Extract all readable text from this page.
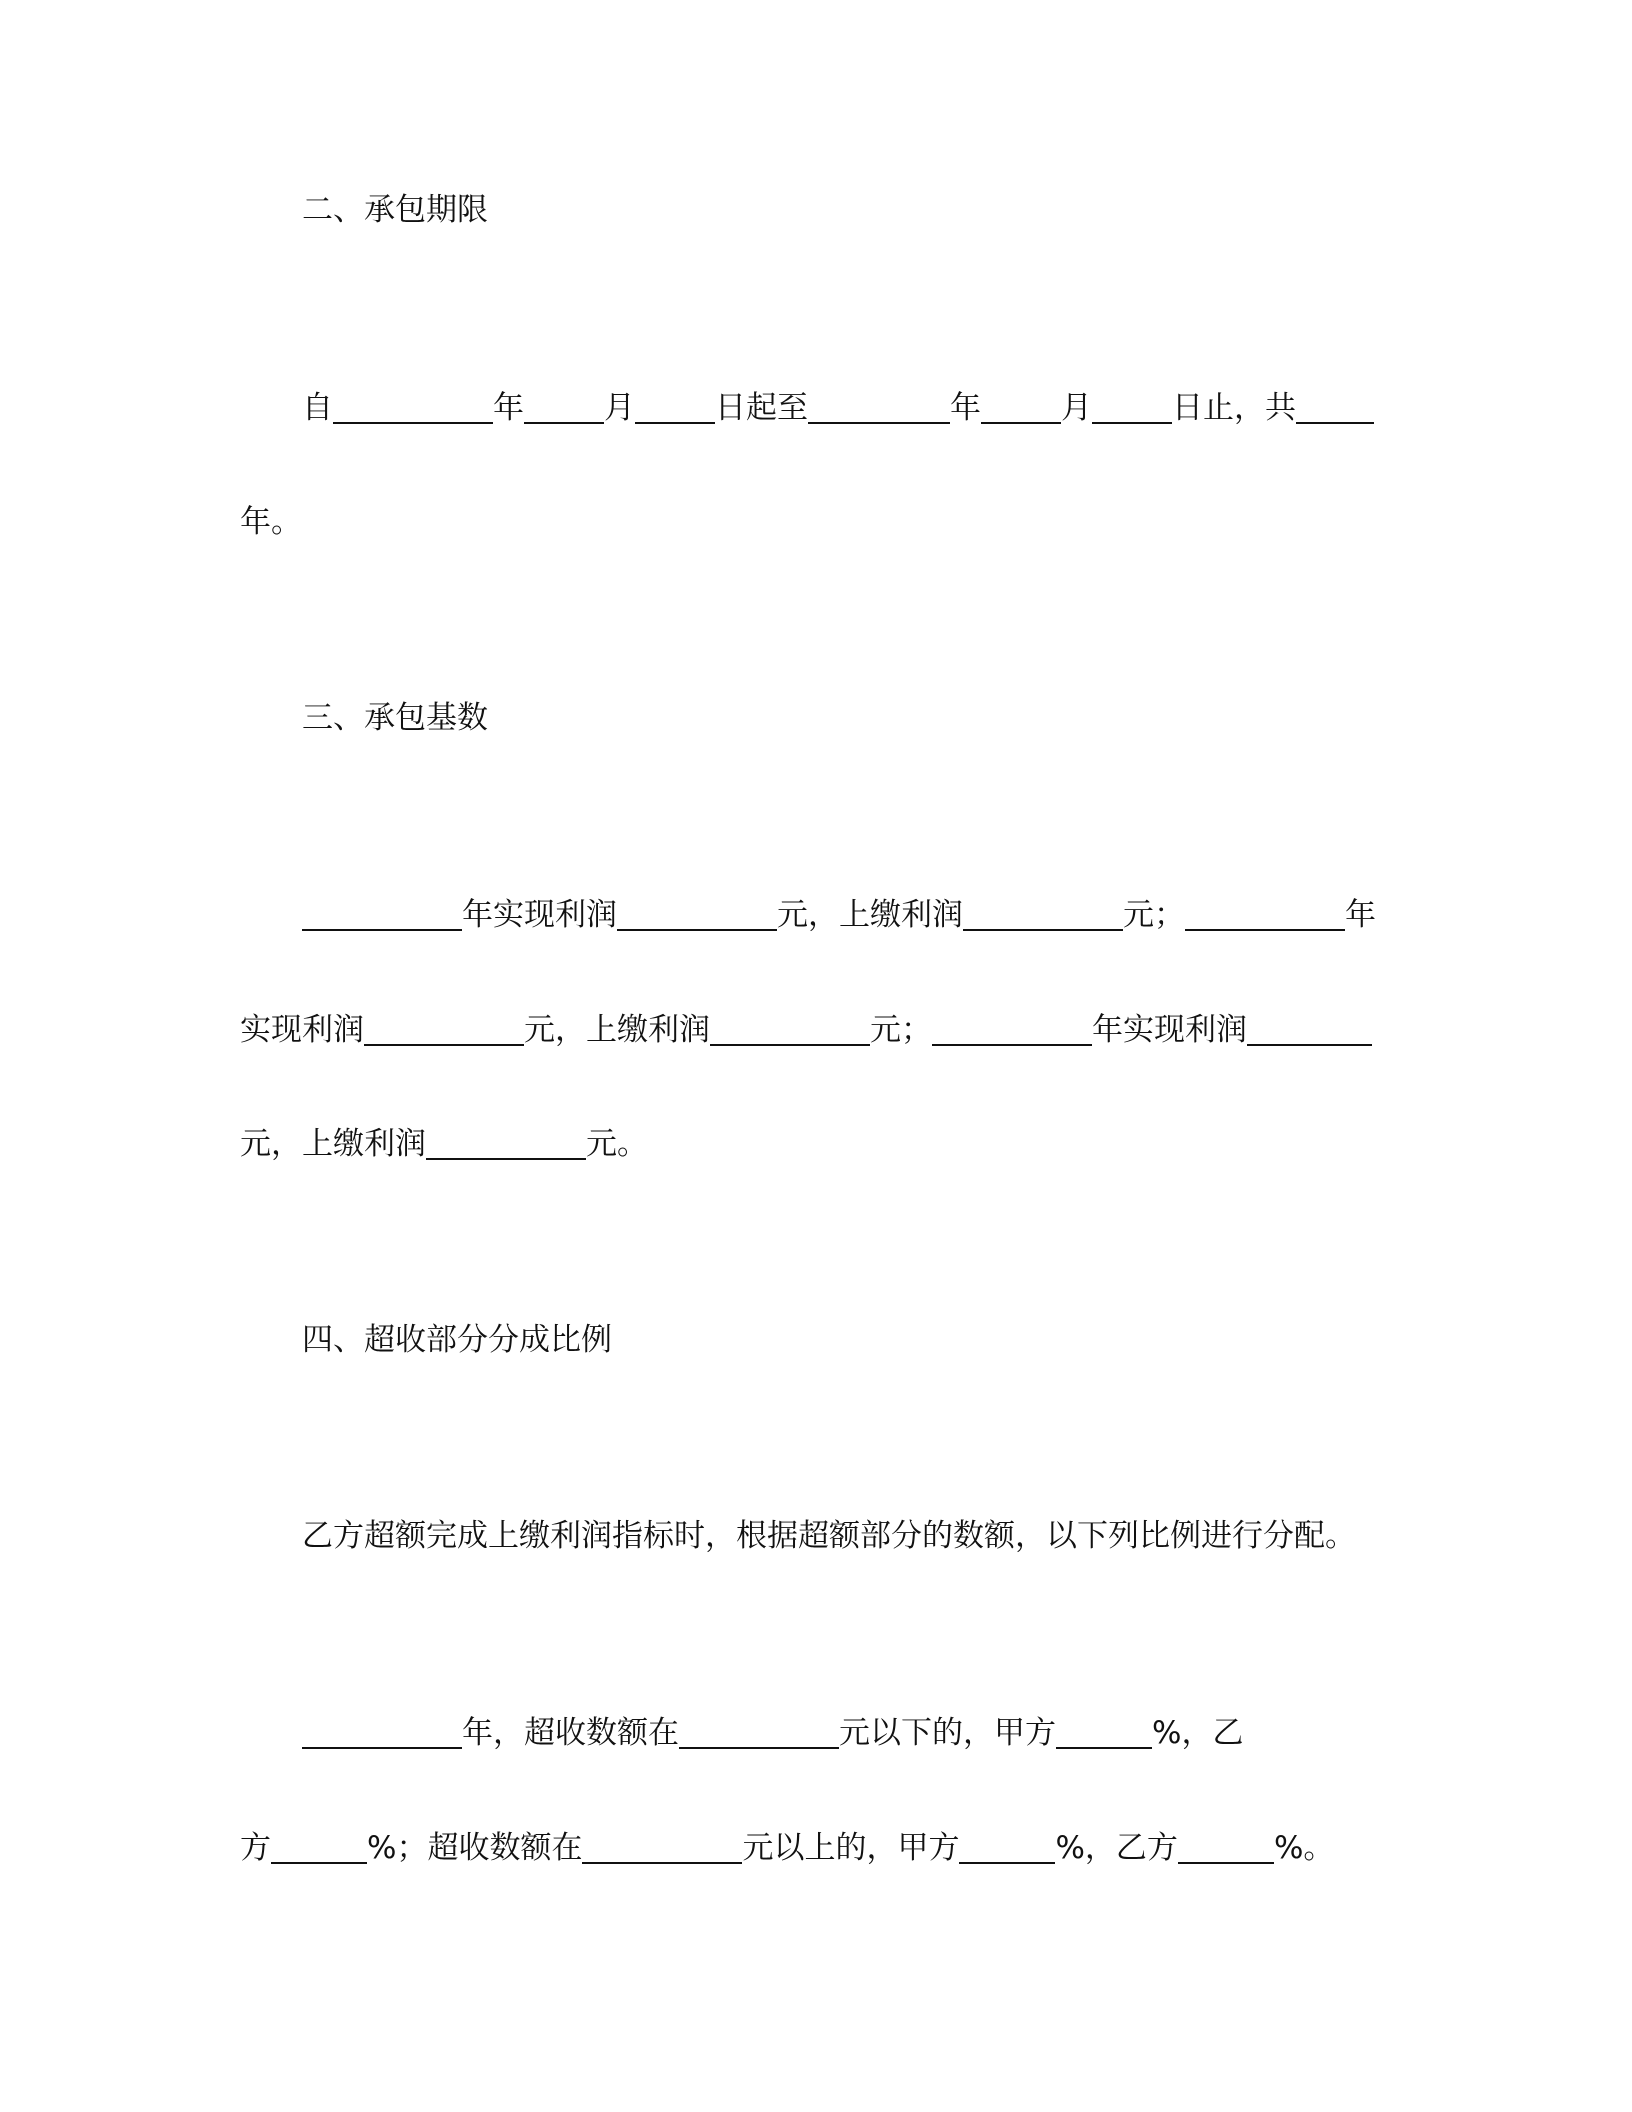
二、承包期限
自	年	月	日起至	年	月	日止，共
年。
三、承包基数
年实现利润	元，上缴利润	元；	年
实现利润	元，上缴利润	元；	年实现利润
元，上缴利润	元。
四、超收部分分成比例
乙方超额完成上缴利润指标时，根据超额部分的数额，以下列比例进行分配。
年，超收数额在	元以下的，甲方	%，乙
方	%；超收数额在	元以上的，甲方	%，乙方	%。
